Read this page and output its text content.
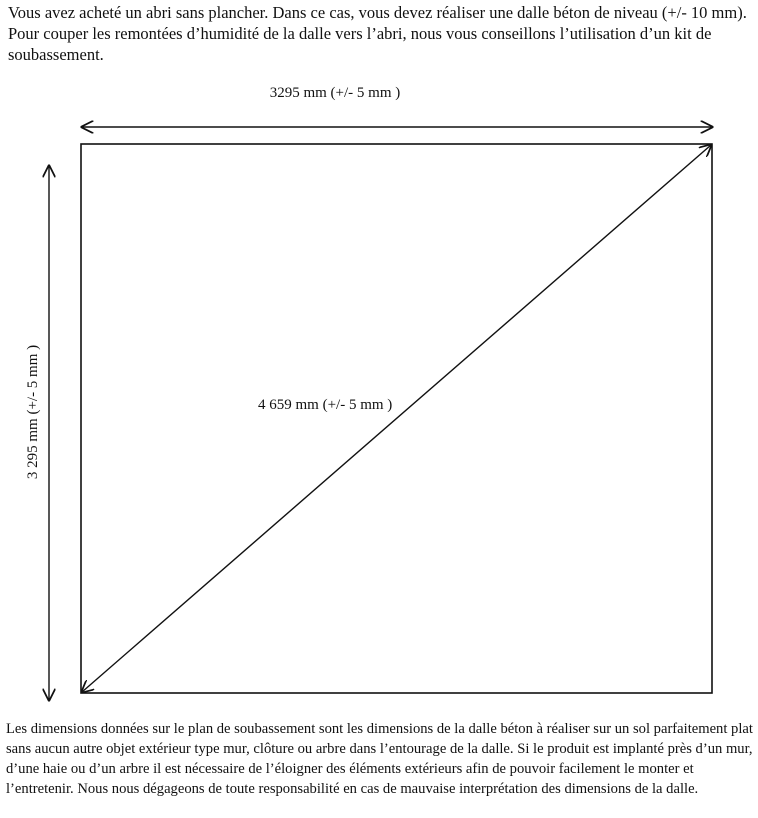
Vous avez acheté un abri sans plancher. Dans ce cas, vous devez réaliser une dalle béton de niveau (+/- 10 mm). Pour couper les remontées d’humidité de la dalle vers l’abri, nous vous conseillons l’utilisation d’un kit de soubassement.

3295 mm (+/- 5 mm )
3 295 mm (+/- 5 mm )	4 659 mm (+/- 5 mm )

Les dimensions données sur le plan de soubassement sont les dimensions de la dalle béton à réaliser sur un sol parfaitement plat sans aucun autre objet extérieur type mur, clôture ou arbre dans l’entourage de la dalle. Si le produit est implanté près d’un mur, d’une haie ou d’un arbre il est nécessaire de l’éloigner des éléments extérieurs afin de pouvoir facilement le monter et l’entretenir. Nous nous dégageons de toute responsabilité en cas de mauvaise interprétation des dimensions de la dalle.
